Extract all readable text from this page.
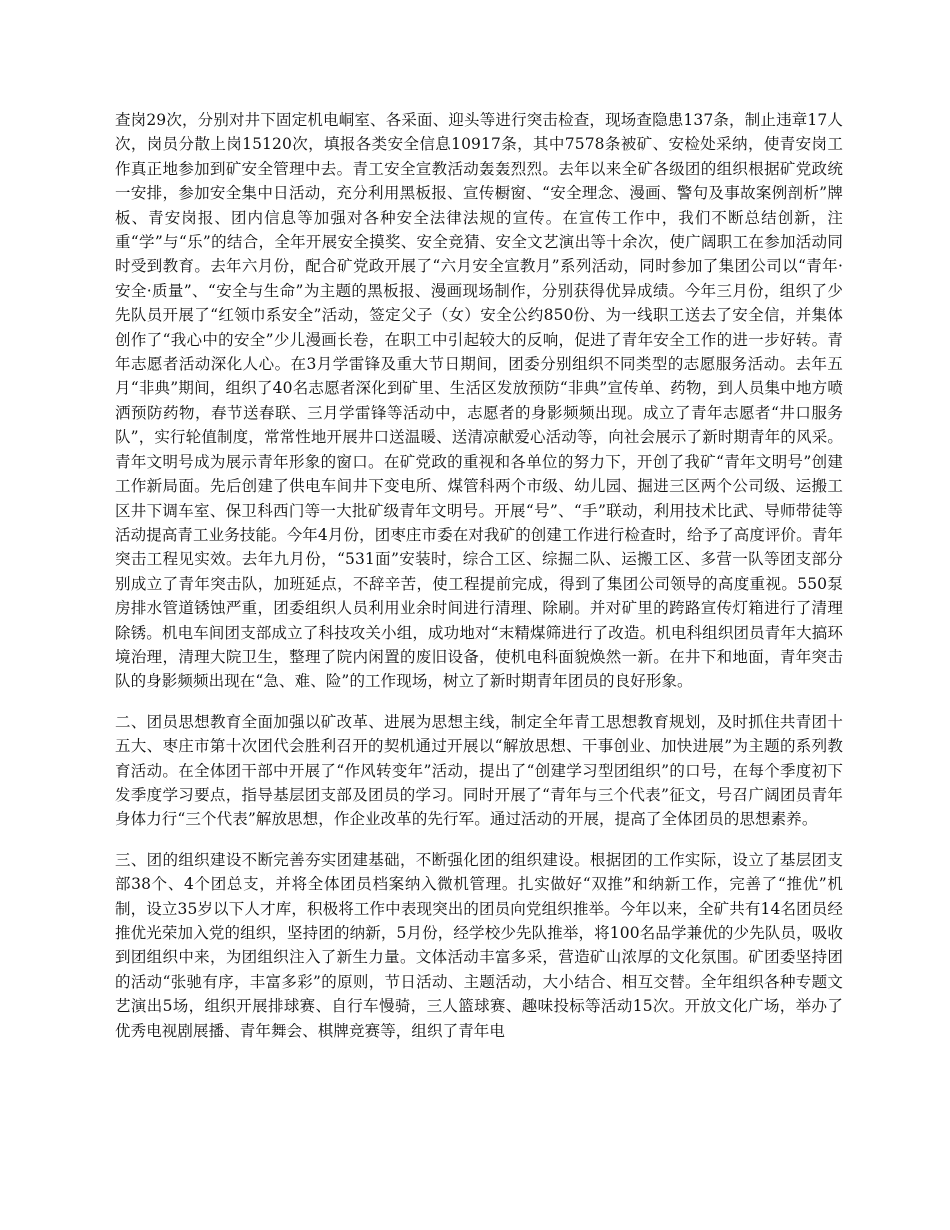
查岗29次，分别对井下固定机电峒室、各采面、迎头等进行突击检查，现场查隐患137条，制止违章17人次，岗员分散上岗15120次，填报各类安全信息10917条，其中7578条被矿、安检处采纳，使青安岗工作真正地参加到矿安全管理中去。青工安全宣教活动轰轰烈烈。去年以来全矿各级团的组织根据矿党政统一安排，参加安全集中日活动，充分利用黑板报、宣传橱窗、“安全理念、漫画、警句及事故案例剖析”牌板、青安岗报、团内信息等加强对各种安全法律法规的宣传。在宣传工作中，我们不断总结创新，注重“学”与“乐”的结合，全年开展安全摸奖、安全竞猜、安全文艺演出等十余次，使广阔职工在参加活动同时受到教育。去年六月份，配合矿党政开展了“六月安全宣教月”系列活动，同时参加了集团公司以“青年·安全·质量”、“安全与生命”为主题的黑板报、漫画现场制作，分别获得优异成绩。今年三月份，组织了少先队员开展了“红领巾系安全”活动，签定父子（女）安全公约850份、为一线职工送去了安全信，并集体创作了“我心中的安全”少儿漫画长卷，在职工中引起较大的反响，促进了青年安全工作的进一步好转。青年志愿者活动深化人心。在3月学雷锋及重大节日期间，团委分别组织不同类型的志愿服务活动。去年五月“非典”期间，组织了40名志愿者深化到矿里、生活区发放预防“非典”宣传单、药物，到人员集中地方喷洒预防药物，春节送春联、三月学雷锋等活动中，志愿者的身影频频出现。成立了青年志愿者“井口服务队”，实行轮值制度，常常性地开展井口送温暖、送清凉献爱心活动等，向社会展示了新时期青年的风采。青年文明号成为展示青年形象的窗口。在矿党政的重视和各单位的努力下，开创了我矿“青年文明号”创建工作新局面。先后创建了供电车间井下变电所、煤管科两个市级、幼儿园、掘进三区两个公司级、运搬工区井下调车室、保卫科西门等一大批矿级青年文明号。开展“号”、“手”联动，利用技术比武、导师带徒等活动提高青工业务技能。今年4月份，团枣庄市委在对我矿的创建工作进行检查时，给予了高度评价。青年突击工程见实效。去年九月份，“531面”安装时，综合工区、综掘二队、运搬工区、多营一队等团支部分别成立了青年突击队，加班延点，不辞辛苦，使工程提前完成，得到了集团公司领导的高度重视。550泵房排水管道锈蚀严重，团委组织人员利用业余时间进行清理、除刷。并对矿里的跨路宣传灯箱进行了清理除锈。机电车间团支部成立了科技攻关小组，成功地对“末精煤筛进行了改造。机电科组织团员青年大搞环境治理，清理大院卫生，整理了院内闲置的废旧设备，使机电科面貌焕然一新。在井下和地面，青年突击队的身影频频出现在“急、难、险”的工作现场，树立了新时期青年团员的良好形象。

二、团员思想教育全面加强以矿改革、进展为思想主线，制定全年青工思想教育规划，及时抓住共青团十五大、枣庄市第十次团代会胜利召开的契机通过开展以“解放思想、干事创业、加快进展”为主题的系列教育活动。在全体团干部中开展了“作风转变年”活动，提出了“创建学习型团组织”的口号，在每个季度初下发季度学习要点，指导基层团支部及团员的学习。同时开展了“青年与三个代表”征文，号召广阔团员青年身体力行“三个代表”解放思想，作企业改革的先行军。通过活动的开展，提高了全体团员的思想素养。

三、团的组织建设不断完善夯实团建基础，不断强化团的组织建设。根据团的工作实际，设立了基层团支部38个、4个团总支，并将全体团员档案纳入微机管理。扎实做好“双推”和纳新工作，完善了“推优”机制，设立35岁以下人才库，积极将工作中表现突出的团员向党组织推举。今年以来，全矿共有14名团员经推优光荣加入党的组织，坚持团的纳新，5月份，经学校少先队推举，将100名品学兼优的少先队员，吸收到团组织中来，为团组织注入了新生力量。文体活动丰富多采，营造矿山浓厚的文化氛围。矿团委坚持团的活动“张驰有序，丰富多彩”的原则，节日活动、主题活动，大小结合、相互交替。全年组织各种专题文艺演出5场，组织开展排球赛、自行车慢骑，三人篮球赛、趣味投标等活动15次。开放文化广场，举办了优秀电视剧展播、青年舞会、棋牌竞赛等，组织了青年电
